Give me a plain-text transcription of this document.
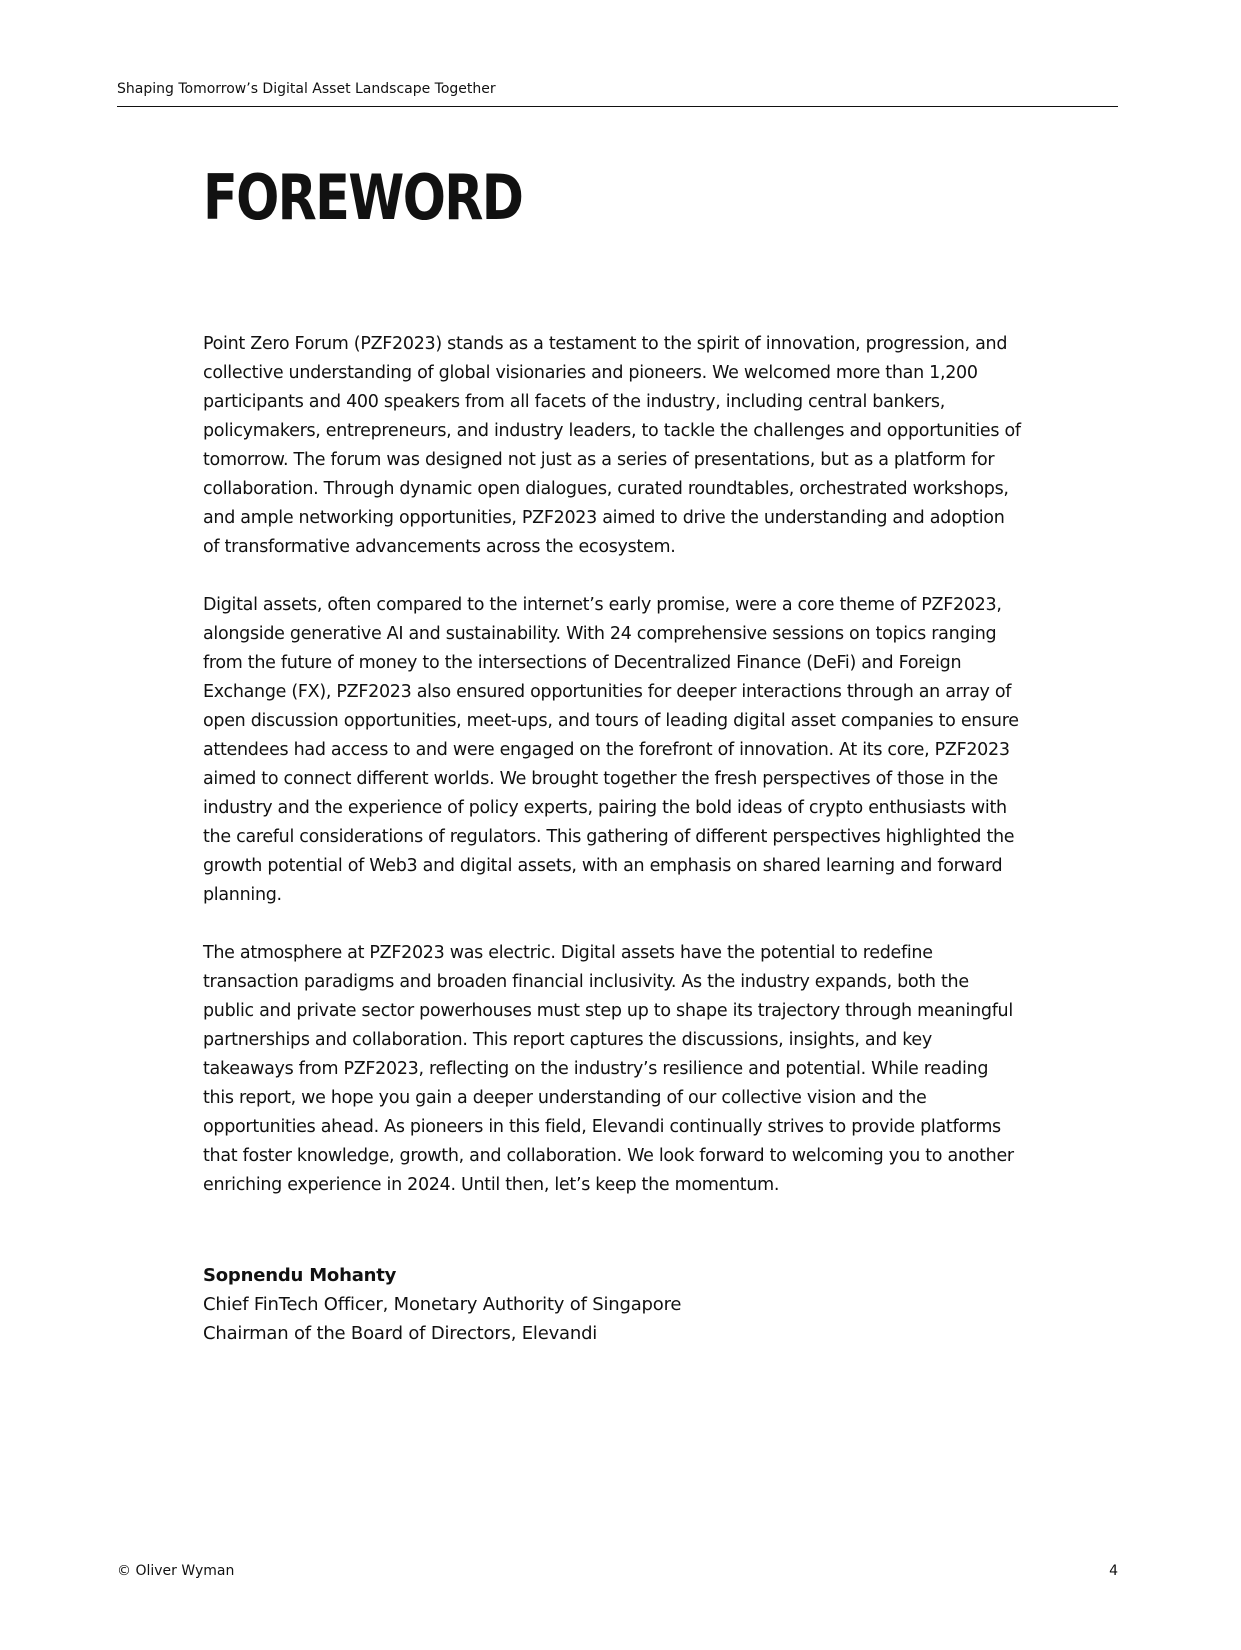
Shaping Tomorrow’s Digital Asset Landscape Together
FOREWORD

Point Zero Forum (PZF2023) stands as a testament to the spirit of innovation, progression, and collective understanding of global visionaries and pioneers. We welcomed more than 1,200 participants and 400 speakers from all facets of the industry, including central bankers, policymakers, entrepreneurs, and industry leaders, to tackle the challenges and opportunities of tomorrow. The forum was designed not just as a series of presentations, but as a platform for collaboration. Through dynamic open dialogues, curated roundtables, orchestrated workshops, and ample networking opportunities, PZF2023 aimed to drive the understanding and adoption of transformative advancements across the ecosystem.

Digital assets, often compared to the internet’s early promise, were a core theme of PZF2023, alongside generative AI and sustainability. With 24 comprehensive sessions on topics ranging from the future of money to the intersections of Decentralized Finance (DeFi) and Foreign Exchange (FX), PZF2023 also ensured opportunities for deeper interactions through an array of open discussion opportunities, meet-ups, and tours of leading digital asset companies to ensure attendees had access to and were engaged on the forefront of innovation. At its core, PZF2023 aimed to connect different worlds. We brought together the fresh perspectives of those in the industry and the experience of policy experts, pairing the bold ideas of crypto enthusiasts with the careful considerations of regulators. This gathering of different perspectives highlighted the growth potential of Web3 and digital assets, with an emphasis on shared learning and forward planning.

The atmosphere at PZF2023 was electric. Digital assets have the potential to redefine transaction paradigms and broaden financial inclusivity. As the industry expands, both the public and private sector powerhouses must step up to shape its trajectory through meaningful partnerships and collaboration. This report captures the discussions, insights, and key takeaways from PZF2023, reflecting on the industry’s resilience and potential. While reading this report, we hope you gain a deeper understanding of our collective vision and the opportunities ahead. As pioneers in this field, Elevandi continually strives to provide platforms that foster knowledge, growth, and collaboration. We look forward to welcoming you to another enriching experience in 2024. Until then, let’s keep the momentum.

Sopnendu Mohanty
Chief FinTech Officer, Monetary Authority of Singapore
Chairman of the Board of Directors, Elevandi
© Oliver Wyman	4
